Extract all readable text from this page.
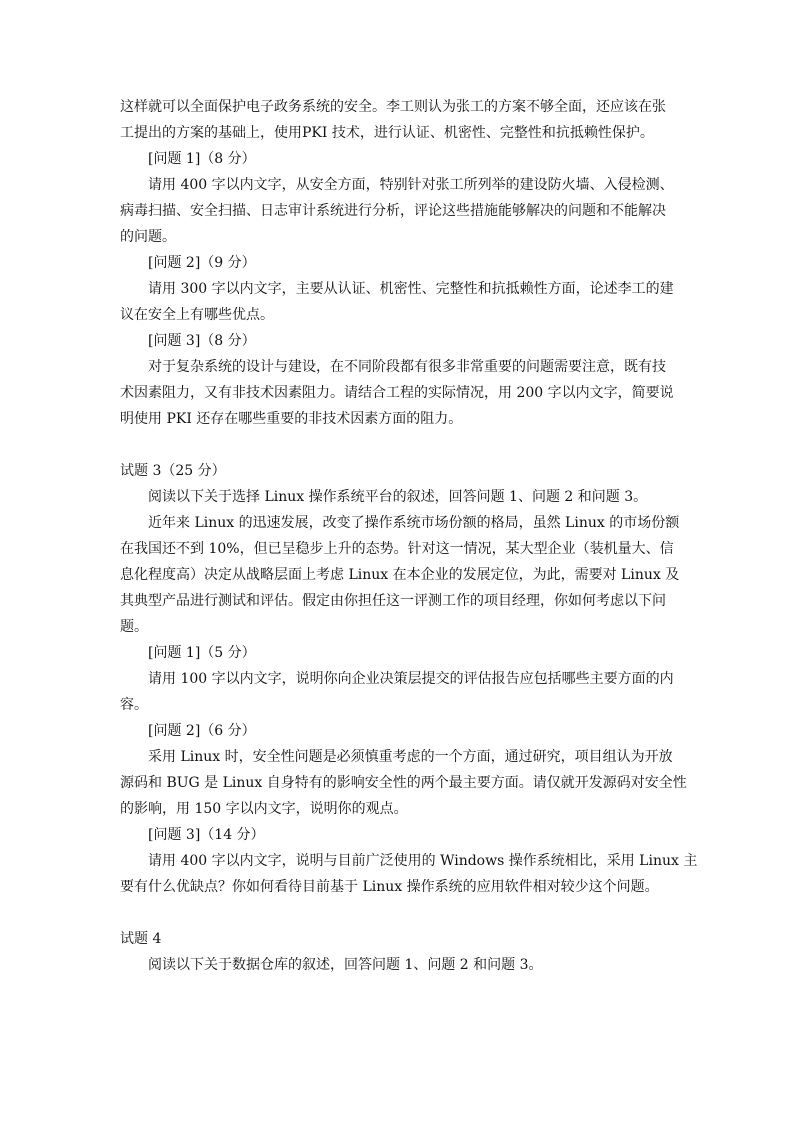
这样就可以全面保护电子政务系统的安全。李工则认为张工的方案不够全面，还应该在张
工提出的方案的基础上，使用PKI 技术，进行认证、机密性、完整性和抗抵赖性保护。
[问题 1]（8 分）
请用 400 字以内文字，从安全方面，特别针对张工所列举的建设防火墙、入侵检测、
病毒扫描、安全扫描、日志审计系统进行分析，评论这些措施能够解决的问题和不能解决
的问题。
[问题 2]（9 分）
请用 300 字以内文字，主要从认证、机密性、完整性和抗抵赖性方面，论述李工的建
议在安全上有哪些优点。
[问题 3]（8 分）
对于复杂系统的设计与建设，在不同阶段都有很多非常重要的问题需要注意，既有技
术因素阻力，又有非技术因素阻力。请结合工程的实际情况，用 200 字以内文字，简要说
明使用 PKI 还存在哪些重要的非技术因素方面的阻力。
试题 3（25 分）
阅读以下关于选择 Linux 操作系统平台的叙述，回答问题 1、问题 2 和问题 3。
近年来 Linux 的迅速发展，改变了操作系统市场份额的格局，虽然 Linux 的市场份额
在我国还不到 10%，但已呈稳步上升的态势。针对这一情况，某大型企业（装机量大、信
息化程度高）决定从战略层面上考虑 Linux 在本企业的发展定位，为此，需要对 Linux 及
其典型产品进行测试和评估。假定由你担任这一评测工作的项目经理，你如何考虑以下问
题。
[问题 1]（5 分）
请用 100 字以内文字，说明你向企业决策层提交的评估报告应包括哪些主要方面的内
容。
[问题 2]（6 分）
采用 Linux 时，安全性问题是必须慎重考虑的一个方面，通过研究，项目组认为开放
源码和 BUG 是 Linux 自身特有的影响安全性的两个最主要方面。请仅就开发源码对安全性
的影响，用 150 字以内文字，说明你的观点。
[问题 3]（14 分）
请用 400 字以内文字，说明与目前广泛使用的 Windows 操作系统相比，采用 Linux 主
要有什么优缺点？你如何看待目前基于 Linux 操作系统的应用软件相对较少这个问题。
试题 4
阅读以下关于数据仓库的叙述，回答问题 1、问题 2 和问题 3。
